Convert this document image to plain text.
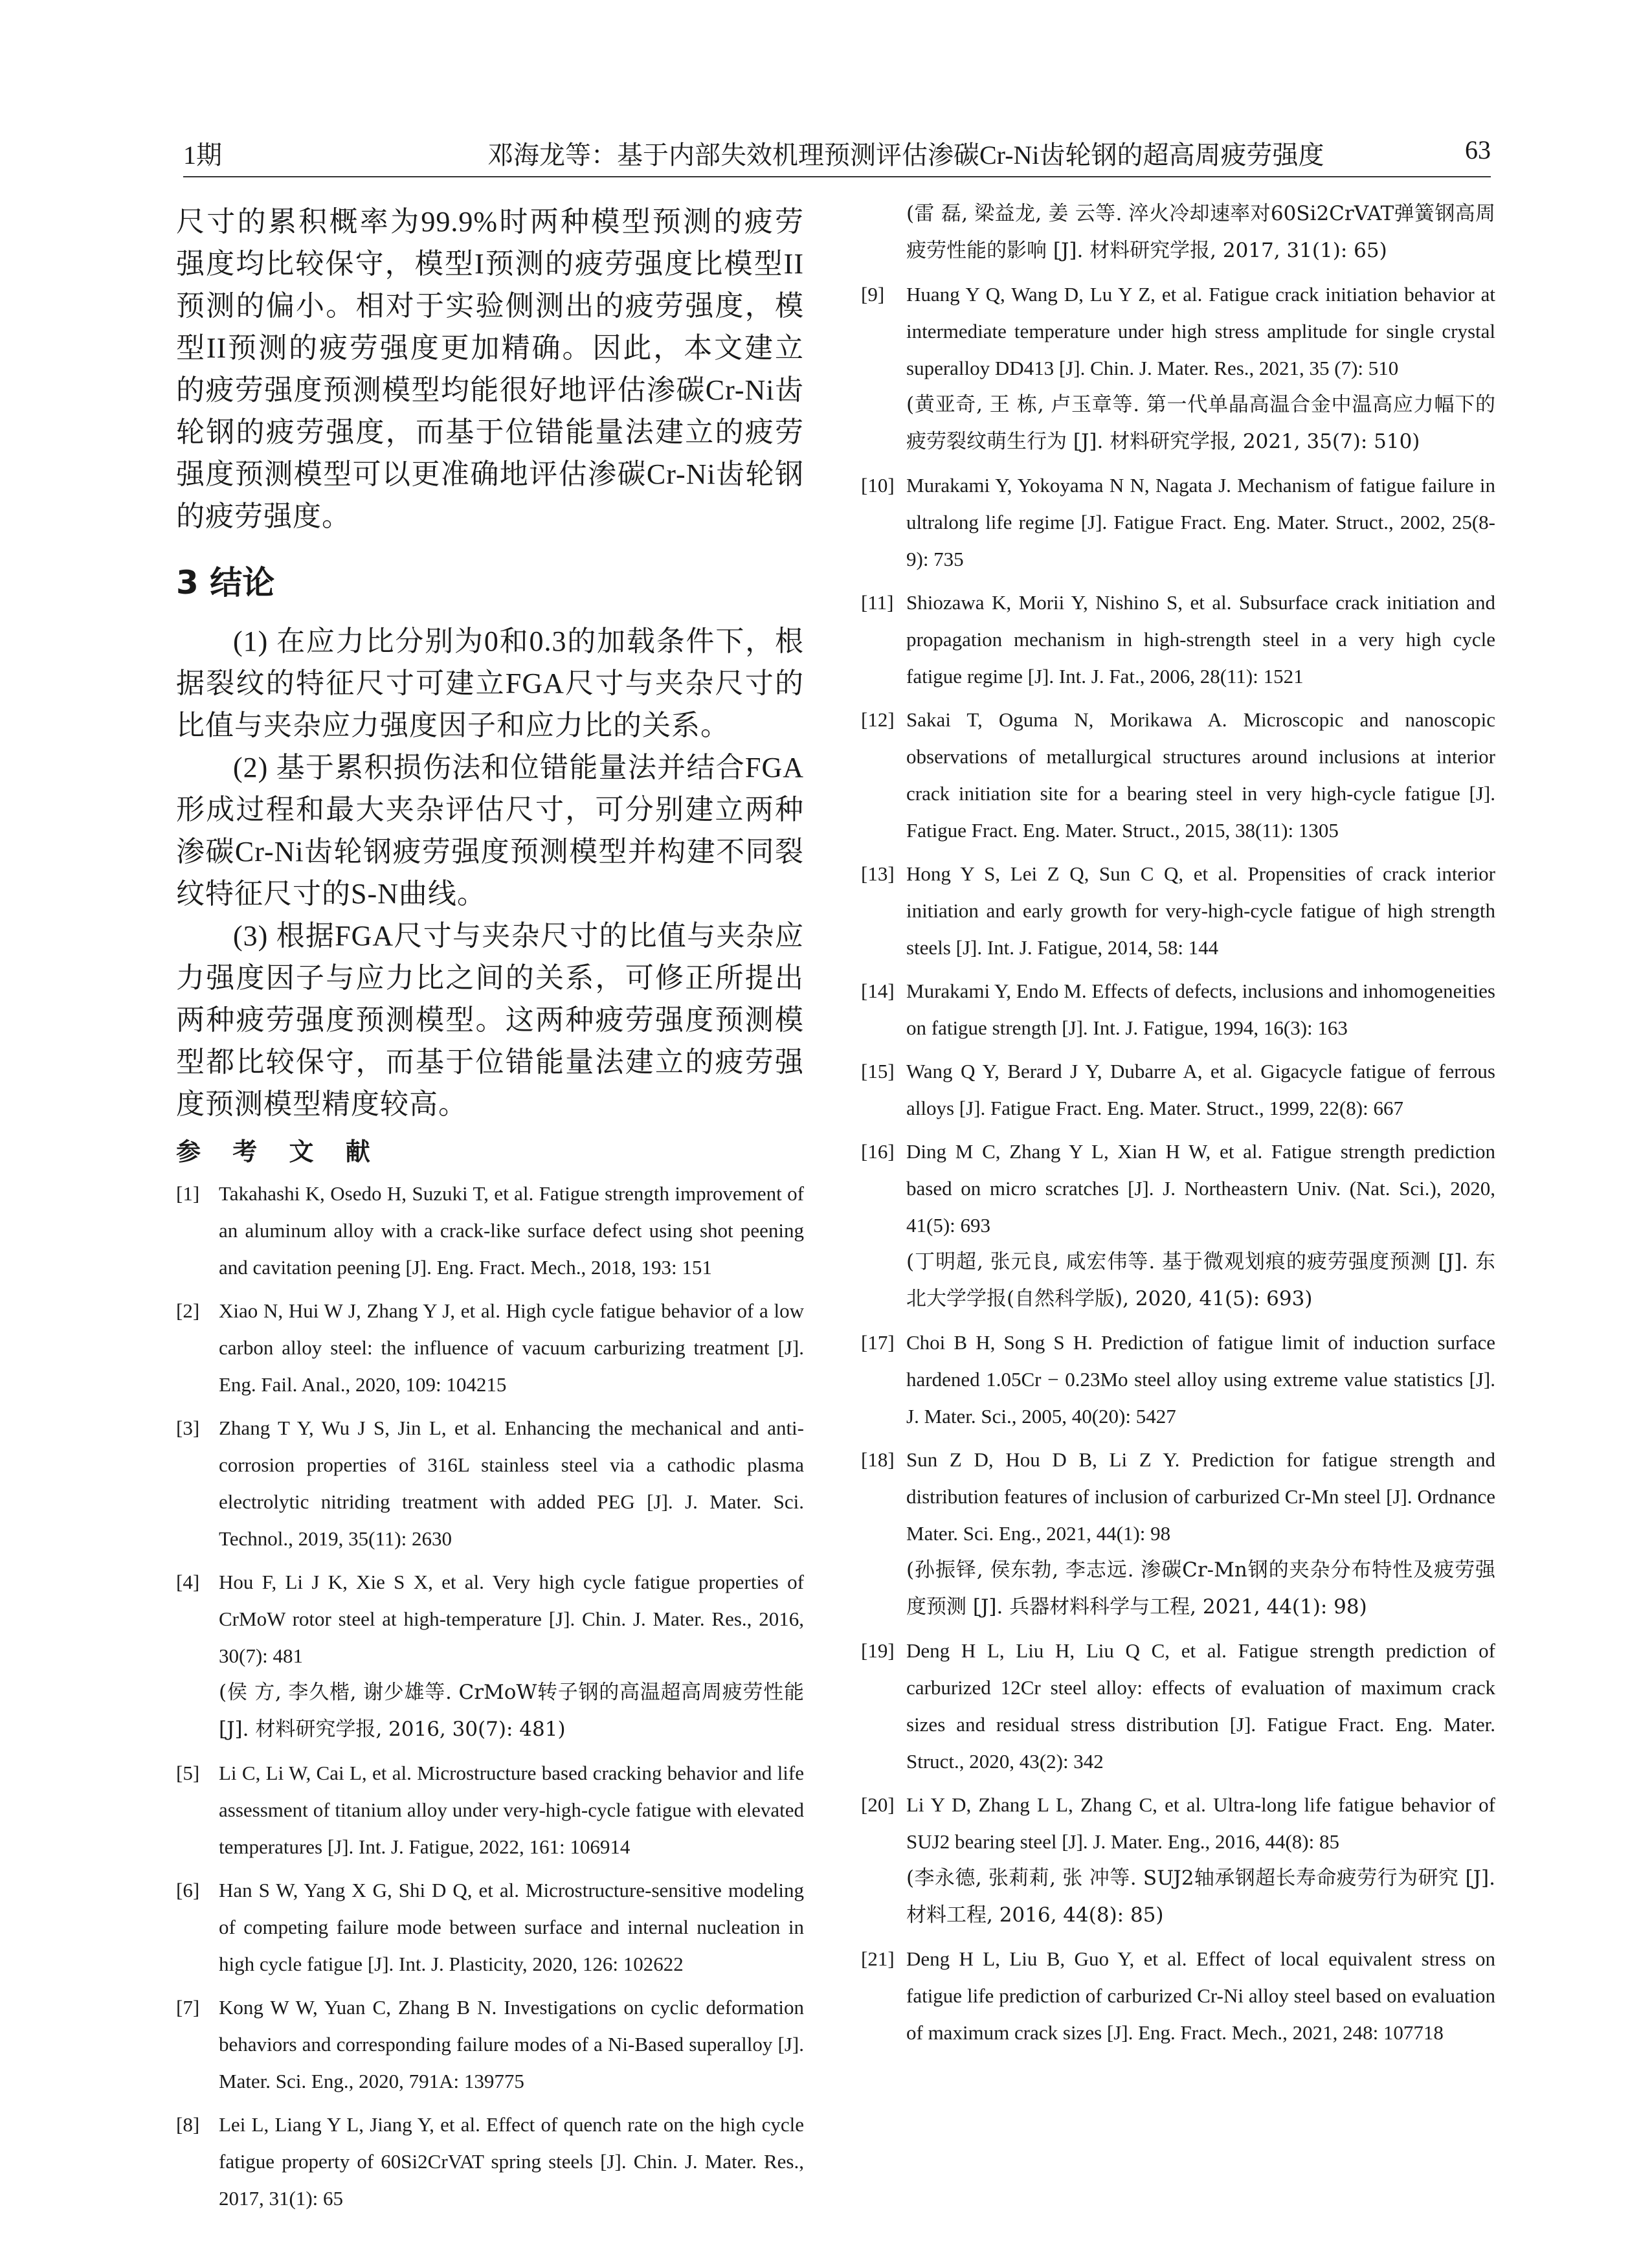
1期	邓海龙等：基于内部失效机理预测评估渗碳Cr-Ni齿轮钢的超高周疲劳强度	63

尺寸的累积概率为99.9%时两种模型预测的疲劳强度均比较保守，模型I预测的疲劳强度比模型II预测的偏小。相对于实验侧测出的疲劳强度，模型II预测的疲劳强度更加精确。因此，本文建立的疲劳强度预测模型均能很好地评估渗碳Cr-Ni齿轮钢的疲劳强度，而基于位错能量法建立的疲劳强度预测模型可以更准确地评估渗碳Cr-Ni齿轮钢的疲劳强度。

3 结论

(1) 在应力比分别为0和0.3的加载条件下，根据裂纹的特征尺寸可建立FGA尺寸与夹杂尺寸的比值与夹杂应力强度因子和应力比的关系。

(2) 基于累积损伤法和位错能量法并结合FGA形成过程和最大夹杂评估尺寸，可分别建立两种渗碳Cr-Ni齿轮钢疲劳强度预测模型并构建不同裂纹特征尺寸的S-N曲线。

(3) 根据FGA尺寸与夹杂尺寸的比值与夹杂应力强度因子与应力比之间的关系，可修正所提出两种疲劳强度预测模型。这两种疲劳强度预测模型都比较保守，而基于位错能量法建立的疲劳强度预测模型精度较高。

参 考 文 献
[1] Takahashi K, Osedo H, Suzuki T, et al. Fatigue strength improvement of an aluminum alloy with a crack-like surface defect using shot peening and cavitation peening [J]. Eng. Fract. Mech., 2018, 193: 151
[2] Xiao N, Hui W J, Zhang Y J, et al. High cycle fatigue behavior of a low carbon alloy steel: the influence of vacuum carburizing treatment [J]. Eng. Fail. Anal., 2020, 109: 104215
[3] Zhang T Y, Wu J S, Jin L, et al. Enhancing the mechanical and anti-corrosion properties of 316L stainless steel via a cathodic plasma electrolytic nitriding treatment with added PEG [J]. J. Mater. Sci. Technol., 2019, 35(11): 2630
[4] Hou F, Li J K, Xie S X, et al. Very high cycle fatigue properties of CrMoW rotor steel at high-temperature [J]. Chin. J. Mater. Res., 2016, 30(7): 481
(侯 方, 李久楷, 谢少雄等. CrMoW转子钢的高温超高周疲劳性能 [J]. 材料研究学报, 2016, 30(7): 481)
[5] Li C, Li W, Cai L, et al. Microstructure based cracking behavior and life assessment of titanium alloy under very-high-cycle fatigue with elevated temperatures [J]. Int. J. Fatigue, 2022, 161: 106914
[6] Han S W, Yang X G, Shi D Q, et al. Microstructure-sensitive modeling of competing failure mode between surface and internal nucleation in high cycle fatigue [J]. Int. J. Plasticity, 2020, 126: 102622
[7] Kong W W, Yuan C, Zhang B N. Investigations on cyclic deformation behaviors and corresponding failure modes of a Ni-Based superalloy [J]. Mater. Sci. Eng., 2020, 791A: 139775
[8] Lei L, Liang Y L, Jiang Y, et al. Effect of quench rate on the high cycle fatigue property of 60Si2CrVAT spring steels [J]. Chin. J. Mater. Res., 2017, 31(1): 65
(雷 磊, 梁益龙, 姜 云等. 淬火冷却速率对60Si2CrVAT弹簧钢高周疲劳性能的影响 [J]. 材料研究学报, 2017, 31(1): 65)
[9] Huang Y Q, Wang D, Lu Y Z, et al. Fatigue crack initiation behavior at intermediate temperature under high stress amplitude for single crystal superalloy DD413 [J]. Chin. J. Mater. Res., 2021, 35 (7): 510
(黄亚奇, 王 栋, 卢玉章等. 第一代单晶高温合金中温高应力幅下的疲劳裂纹萌生行为 [J]. 材料研究学报, 2021, 35(7): 510)
[10] Murakami Y, Yokoyama N N, Nagata J. Mechanism of fatigue failure in ultralong life regime [J]. Fatigue Fract. Eng. Mater. Struct., 2002, 25(8-9): 735
[11] Shiozawa K, Morii Y, Nishino S, et al. Subsurface crack initiation and propagation mechanism in high-strength steel in a very high cycle fatigue regime [J]. Int. J. Fat., 2006, 28(11): 1521
[12] Sakai T, Oguma N, Morikawa A. Microscopic and nanoscopic observations of metallurgical structures around inclusions at interior crack initiation site for a bearing steel in very high-cycle fatigue [J]. Fatigue Fract. Eng. Mater. Struct., 2015, 38(11): 1305
[13] Hong Y S, Lei Z Q, Sun C Q, et al. Propensities of crack interior initiation and early growth for very-high-cycle fatigue of high strength steels [J]. Int. J. Fatigue, 2014, 58: 144
[14] Murakami Y, Endo M. Effects of defects, inclusions and inhomogeneities on fatigue strength [J]. Int. J. Fatigue, 1994, 16(3): 163
[15] Wang Q Y, Berard J Y, Dubarre A, et al. Gigacycle fatigue of ferrous alloys [J]. Fatigue Fract. Eng. Mater. Struct., 1999, 22(8): 667
[16] Ding M C, Zhang Y L, Xian H W, et al. Fatigue strength prediction based on micro scratches [J]. J. Northeastern Univ. (Nat. Sci.), 2020, 41(5): 693
(丁明超, 张元良, 咸宏伟等. 基于微观划痕的疲劳强度预测 [J]. 东北大学学报(自然科学版), 2020, 41(5): 693)
[17] Choi B H, Song S H. Prediction of fatigue limit of induction surface hardened 1.05Cr − 0.23Mo steel alloy using extreme value statistics [J]. J. Mater. Sci., 2005, 40(20): 5427
[18] Sun Z D, Hou D B, Li Z Y. Prediction for fatigue strength and distribution features of inclusion of carburized Cr-Mn steel [J]. Ordnance Mater. Sci. Eng., 2021, 44(1): 98
(孙振铎, 侯东勃, 李志远. 渗碳Cr-Mn钢的夹杂分布特性及疲劳强度预测 [J]. 兵器材料科学与工程, 2021, 44(1): 98)
[19] Deng H L, Liu H, Liu Q C, et al. Fatigue strength prediction of carburized 12Cr steel alloy: effects of evaluation of maximum crack sizes and residual stress distribution [J]. Fatigue Fract. Eng. Mater. Struct., 2020, 43(2): 342
[20] Li Y D, Zhang L L, Zhang C, et al. Ultra-long life fatigue behavior of SUJ2 bearing steel [J]. J. Mater. Eng., 2016, 44(8): 85
(李永德, 张莉莉, 张 冲等. SUJ2轴承钢超长寿命疲劳行为研究 [J]. 材料工程, 2016, 44(8): 85)
[21] Deng H L, Liu B, Guo Y, et al. Effect of local equivalent stress on fatigue life prediction of carburized Cr-Ni alloy steel based on evaluation of maximum crack sizes [J]. Eng. Fract. Mech., 2021, 248: 107718
